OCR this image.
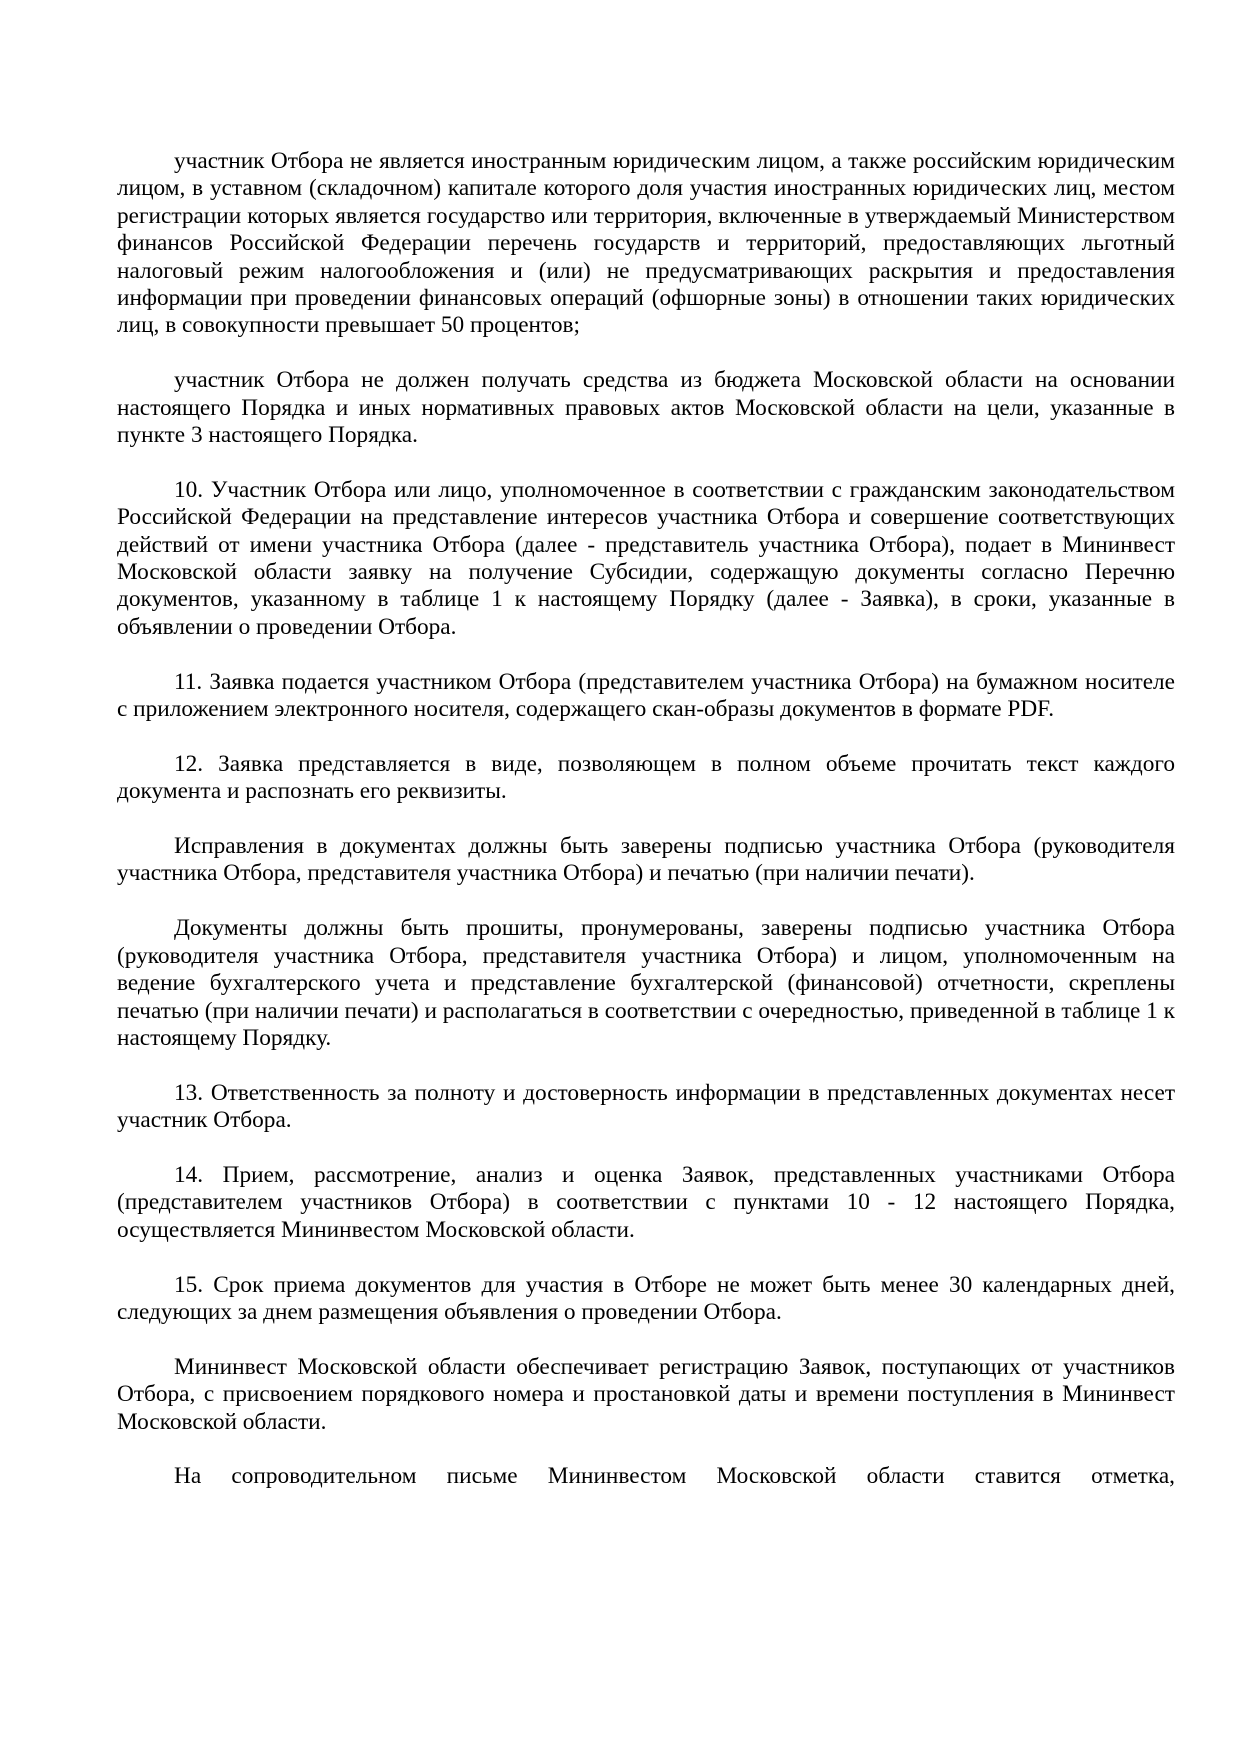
участник Отбора не является иностранным юридическим лицом, а также российским юридическим лицом, в уставном (складочном) капитале которого доля участия иностранных юридических лиц, местом регистрации которых является государство или территория, включенные в утверждаемый Министерством финансов Российской Федерации перечень государств и территорий, предоставляющих льготный налоговый режим налогообложения и (или) не предусматривающих раскрытия и предоставления информации при проведении финансовых операций (офшорные зоны) в отношении таких юридических лиц, в совокупности превышает 50 процентов;

участник Отбора не должен получать средства из бюджета Московской области на основании настоящего Порядка и иных нормативных правовых актов Московской области на цели, указанные в пункте 3 настоящего Порядка.

10. Участник Отбора или лицо, уполномоченное в соответствии с гражданским законодательством Российской Федерации на представление интересов участника Отбора и совершение соответствующих действий от имени участника Отбора (далее - представитель участника Отбора), подает в Мининвест Московской области заявку на получение Субсидии, содержащую документы согласно Перечню документов, указанному в таблице 1 к настоящему Порядку (далее - Заявка), в сроки, указанные в объявлении о проведении Отбора.

11. Заявка подается участником Отбора (представителем участника Отбора) на бумажном носителе с приложением электронного носителя, содержащего скан-образы документов в формате PDF.

12. Заявка представляется в виде, позволяющем в полном объеме прочитать текст каждого документа и распознать его реквизиты.

Исправления в документах должны быть заверены подписью участника Отбора (руководителя участника Отбора, представителя участника Отбора) и печатью (при наличии печати).

Документы должны быть прошиты, пронумерованы, заверены подписью участника Отбора (руководителя участника Отбора, представителя участника Отбора) и лицом, уполномоченным на ведение бухгалтерского учета и представление бухгалтерской (финансовой) отчетности, скреплены печатью (при наличии печати) и располагаться в соответствии с очередностью, приведенной в таблице 1 к настоящему Порядку.

13. Ответственность за полноту и достоверность информации в представленных документах несет участник Отбора.

14. Прием, рассмотрение, анализ и оценка Заявок, представленных участниками Отбора (представителем участников Отбора) в соответствии с пунктами 10 - 12 настоящего Порядка, осуществляется Мининвестом Московской области.

15. Срок приема документов для участия в Отборе не может быть менее 30 календарных дней, следующих за днем размещения объявления о проведении Отбора.

Мининвест Московской области обеспечивает регистрацию Заявок, поступающих от участников Отбора, с присвоением порядкового номера и простановкой даты и времени поступления в Мининвест Московской области.

На сопроводительном письме Мининвестом Московской области ставится отметка,
